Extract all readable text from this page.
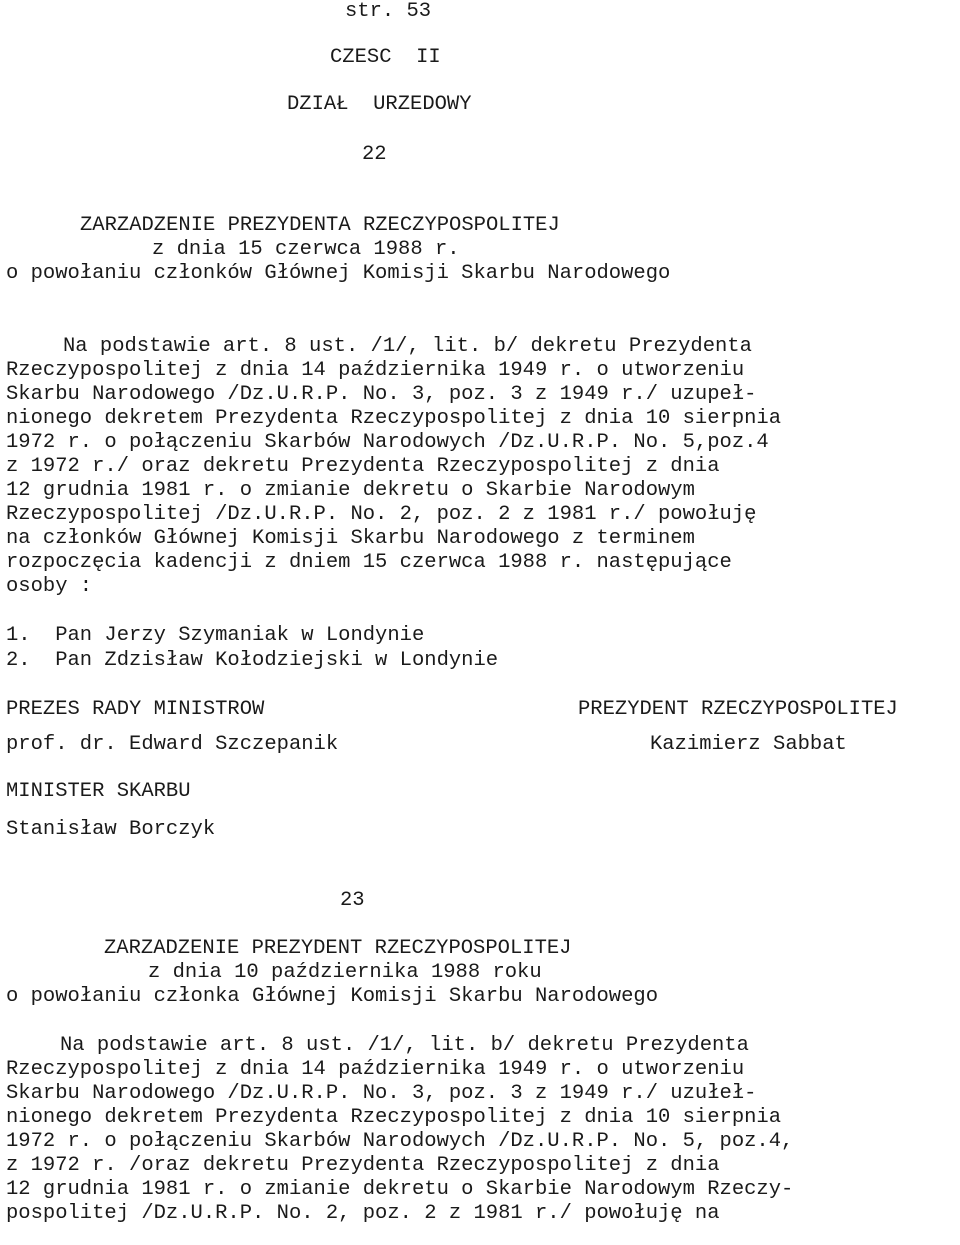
str. 53
CZESC  II
DZIAŁ  URZEDOWY
22
ZARZADZENIE PREZYDENTA RZECZYPOSPOLITEJ
z dnia 15 czerwca 1988 r.
o powołaniu członków Głównej Komisji Skarbu Narodowego
Na podstawie art. 8 ust. /1/, lit. b/ dekretu Prezydenta
Rzeczypospolitej z dnia 14 października 1949 r. o utworzeniu
Skarbu Narodowego /Dz.U.R.P. No. 3, poz. 3 z 1949 r./ uzupeł-
nionego dekretem Prezydenta Rzeczypospolitej z dnia 10 sierpnia
1972 r. o połączeniu Skarbów Narodowych /Dz.U.R.P. No. 5,poz.4
z 1972 r./ oraz dekretu Prezydenta Rzeczypospolitej z dnia
12 grudnia 1981 r. o zmianie dekretu o Skarbie Narodowym
Rzeczypospolitej /Dz.U.R.P. No. 2, poz. 2 z 1981 r./ powołuję
na członków Głównej Komisji Skarbu Narodowego z terminem
rozpoczęcia kadencji z dniem 15 czerwca 1988 r. następujące
osoby :
1.  Pan Jerzy Szymaniak w Londynie
2.  Pan Zdzisław Kołodziejski w Londynie
PREZES RADY MINISTROW
prof. dr. Edward Szczepanik
PREZYDENT RZECZYPOSPOLITEJ
Kazimierz Sabbat
MINISTER SKARBU
Stanisław Borczyk
23
ZARZADZENIE PREZYDENT RZECZYPOSPOLITEJ
z dnia 10 października 1988 roku
o powołaniu członka Głównej Komisji Skarbu Narodowego
Na podstawie art. 8 ust. /1/, lit. b/ dekretu Prezydenta
Rzeczypospolitej z dnia 14 października 1949 r. o utworzeniu
Skarbu Narodowego /Dz.U.R.P. No. 3, poz. 3 z 1949 r./ uzułeł-
nionego dekretem Prezydenta Rzeczypospolitej z dnia 10 sierpnia
1972 r. o połączeniu Skarbów Narodowych /Dz.U.R.P. No. 5, poz.4,
z 1972 r. /oraz dekretu Prezydenta Rzeczypospolitej z dnia
12 grudnia 1981 r. o zmianie dekretu o Skarbie Narodowym Rzeczy-
pospolitej /Dz.U.R.P. No. 2, poz. 2 z 1981 r./ powołuję na
